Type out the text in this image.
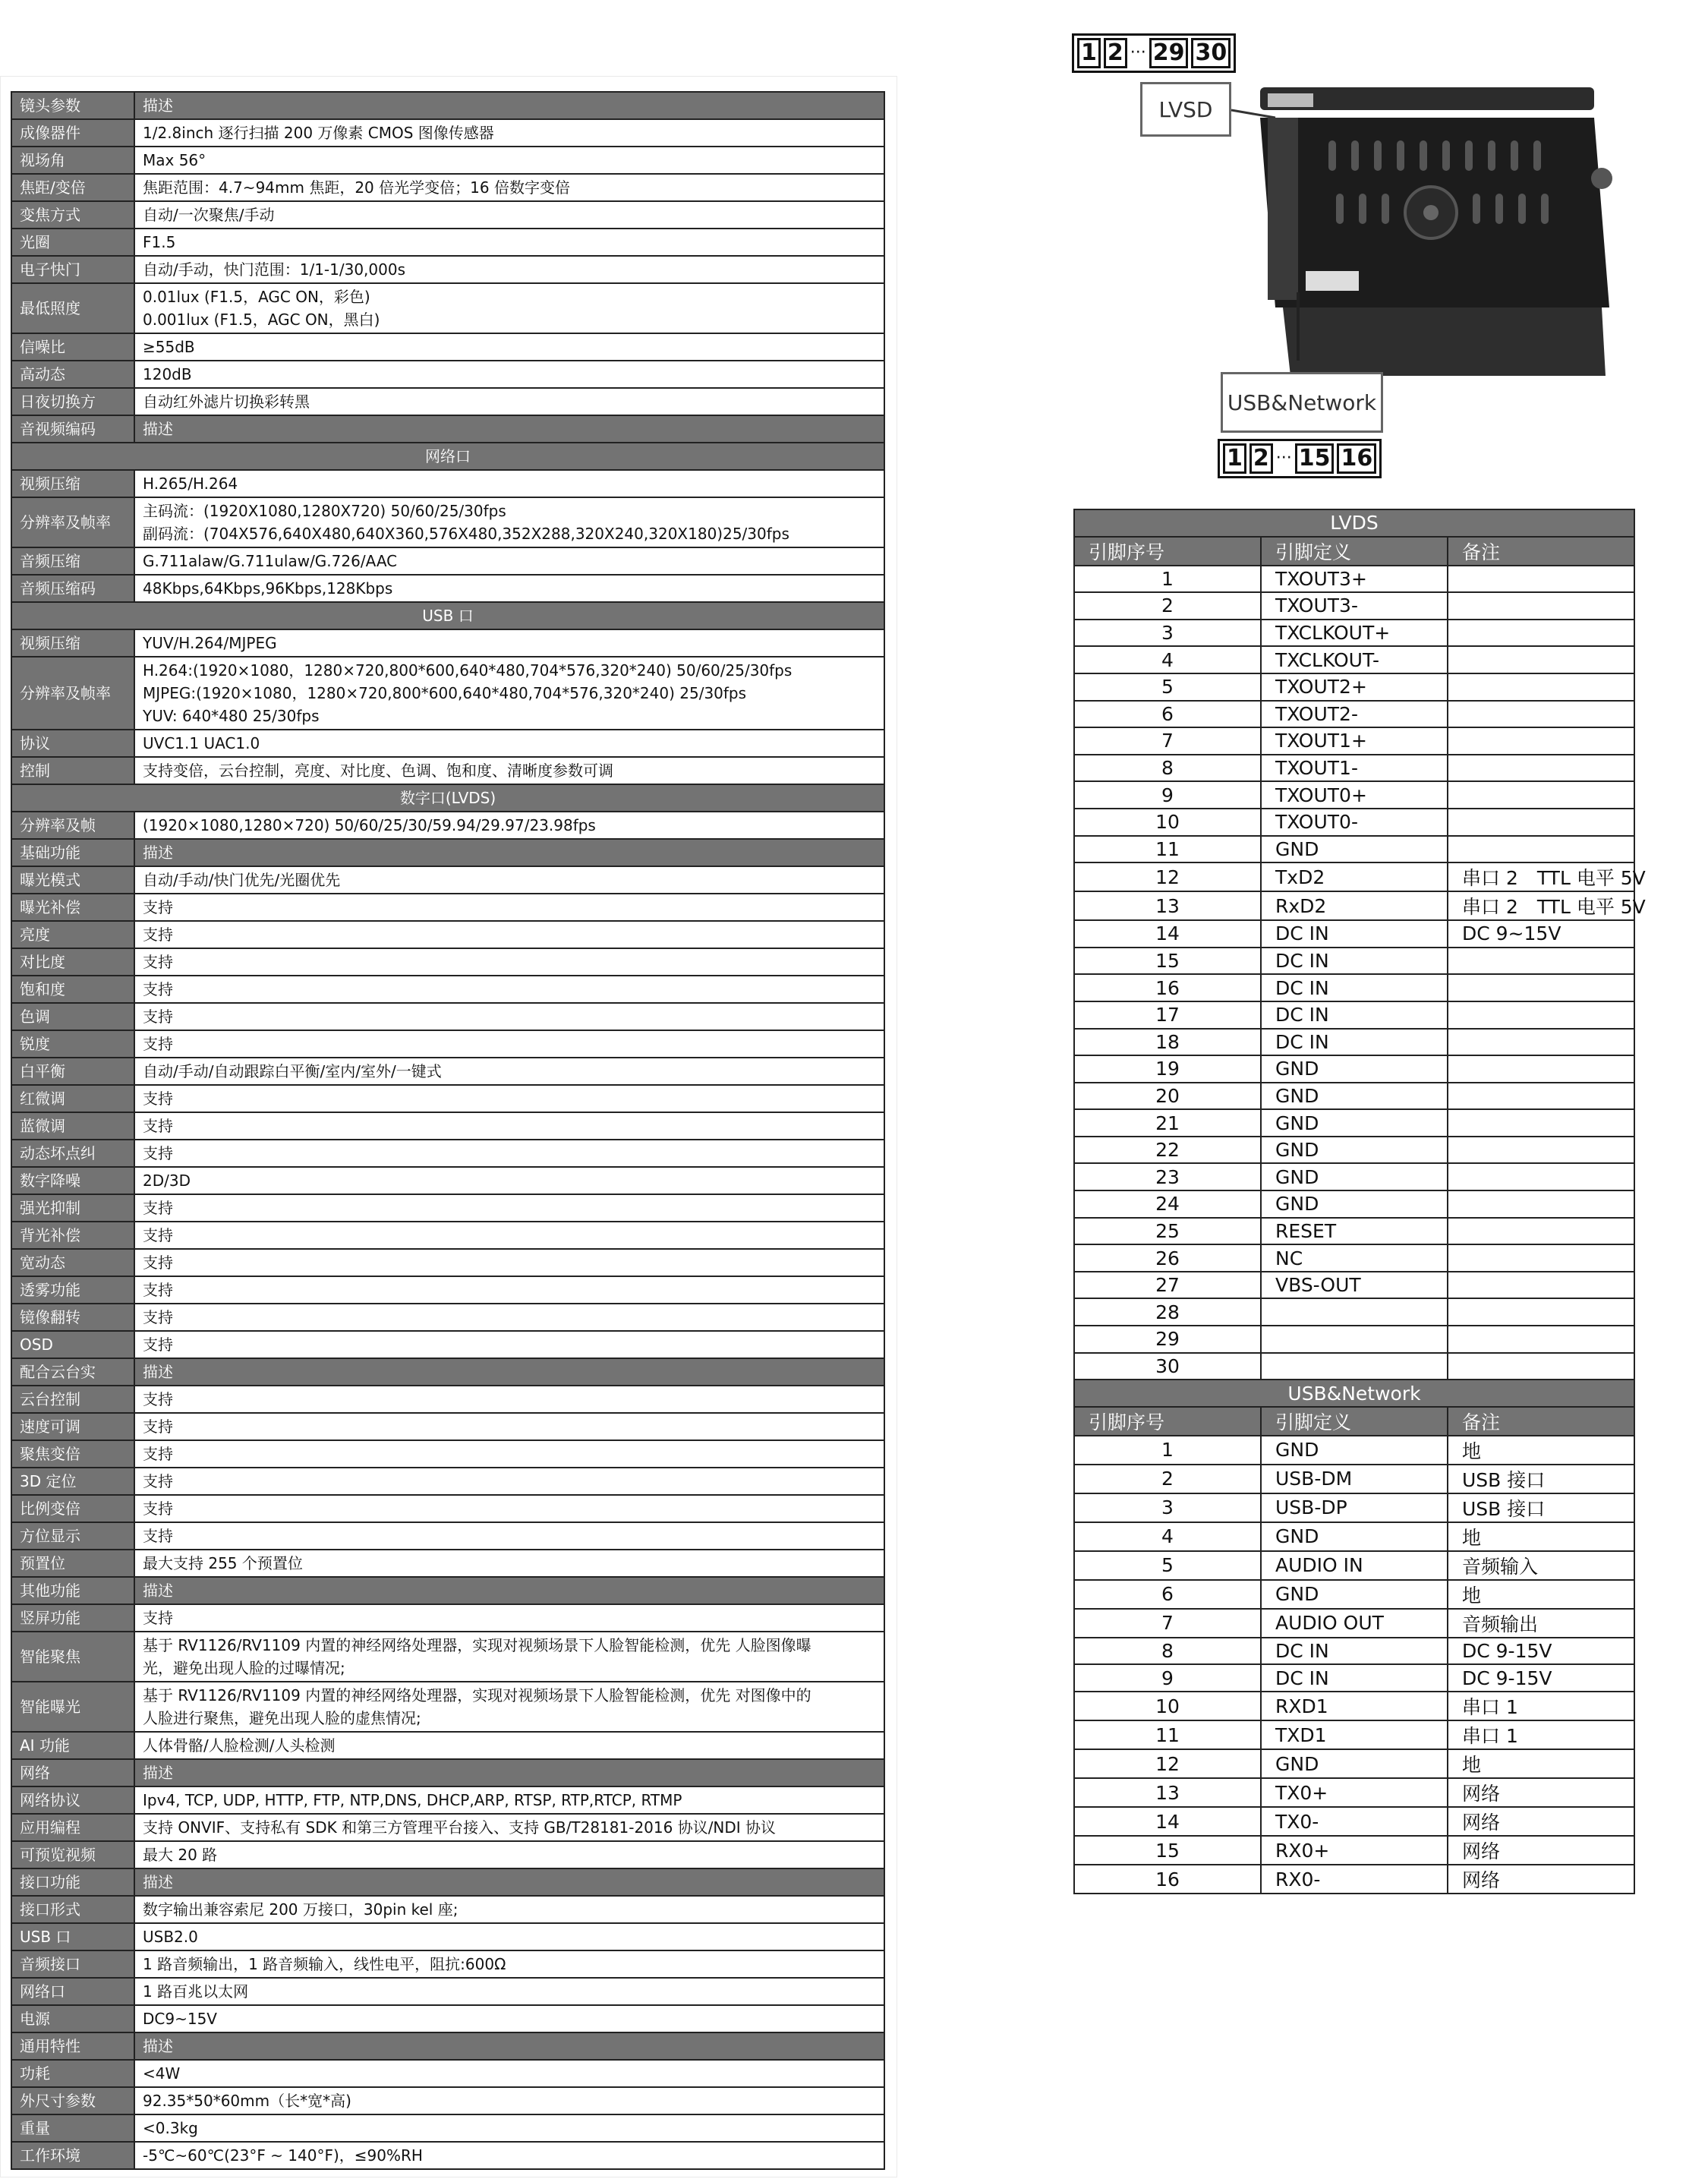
镜头参数	描述
成像器件	1/2.8inch 逐行扫描 200 万像素 CMOS 图像传感器
视场角	Max 56°
焦距/变倍	焦距范围：4.7~94mm 焦距，20 倍光学变倍；16 倍数字变倍
变焦方式	自动/一次聚焦/手动
光圈	F1.5
电子快门	自动/手动，快门范围：1/1-1/30,000s
最低照度	0.01lux (F1.5，AGC ON，彩色)
0.001lux (F1.5，AGC ON，黑白)

信噪比	≥55dB
高动态	120dB
日夜切换方	自动红外滤片切换彩转黑
音视频编码	描述
网络口	
视频压缩	H.265/H.264
分辨率及帧率	主码流：(1920X1080,1280X720) 50/60/25/30fps
副码流：(704X576,640X480,640X360,576X480,352X288,320X240,320X180)25/30fps

音频压缩	G.711alaw/G.711ulaw/G.726/AAC
音频压缩码	48Kbps,64Kbps,96Kbps,128Kbps
USB 口	
视频压缩	YUV/H.264/MJPEG
分辨率及帧率	H.264:(1920×1080，1280×720,800*600,640*480,704*576,320*240) 50/60/25/30fps
MJPEG:(1920×1080，1280×720,800*600,640*480,704*576,320*240) 25/30fps
YUV: 640*480 25/30fps

协议	UVC1.1 UAC1.0
控制	支持变倍，云台控制，亮度、对比度、色调、饱和度、清晰度参数可调
数字口(LVDS)	
分辨率及帧	(1920×1080,1280×720) 50/60/25/30/59.94/29.97/23.98fps
基础功能	描述
曝光模式	自动/手动/快门优先/光圈优先
曝光补偿	支持
亮度	支持
对比度	支持
饱和度	支持
色调	支持
锐度	支持
白平衡	自动/手动/自动跟踪白平衡/室内/室外/一键式
红微调	支持
蓝微调	支持
动态坏点纠	支持
数字降噪	2D/3D
强光抑制	支持
背光补偿	支持
宽动态	支持
透雾功能	支持
镜像翻转	支持
OSD	支持
配合云台实	描述
云台控制	支持
速度可调	支持
聚焦变倍	支持
3D 定位	支持
比例变倍	支持
方位显示	支持
预置位	最大支持 255 个预置位
其他功能	描述
竖屏功能	支持
智能聚焦	基于 RV1126/RV1109 内置的神经网络处理器，实现对视频场景下人脸智能检测，优先 人脸图像曝
光，避免出现人脸的过曝情况;

智能曝光	基于 RV1126/RV1109 内置的神经网络处理器，实现对视频场景下人脸智能检测，优先 对图像中的
人脸进行聚焦，避免出现人脸的虚焦情况;

AI 功能	人体骨骼/人脸检测/人头检测
网络	描述
网络协议	Ipv4, TCP, UDP, HTTP, FTP, NTP,DNS, DHCP,ARP, RTSP, RTP,RTCP, RTMP
应用编程	支持 ONVIF、支持私有 SDK 和第三方管理平台接入、支持 GB/T28181-2016 协议/NDI 协议
可预览视频	最大 20 路
接口功能	描述
接口形式	数字输出兼容索尼 200 万接口，30pin kel 座;
USB 口	USB2.0
音频接口	1 路音频输出，1 路音频输入，线性电平，阻抗:600Ω
网络口	1 路百兆以太网
电源	DC9~15V
通用特性	描述
功耗	<4W
外尺寸参数	92.35*50*60mm（长*宽*高)
重量	<0.3kg
工作环境	-5℃~60℃(23°F ~ 140°F)，≤90%RH
1 2 ··· 29 30
LVSD
USB&Network
1 2 ··· 15 16
LVDS		
引脚序号	引脚定义	备注
1	TXOUT3+	
2	TXOUT3-	
3	TXCLKOUT+	
4	TXCLKOUT-	
5	TXOUT2+	
6	TXOUT2-	
7	TXOUT1+	
8	TXOUT1-	
9	TXOUT0+	
10	TXOUT0-	
11	GND	
12	TxD2	串口 2　TTL 电平 5V
13	RxD2	串口 2　TTL 电平 5V
14	DC IN	DC 9~15V
15	DC IN	
16	DC IN	
17	DC IN	
18	DC IN	
19	GND	
20	GND	
21	GND	
22	GND	
23	GND	
24	GND	
25	RESET	
26	NC	
27	VBS-OUT	
28		
29		
30		
USB&Network		
引脚序号	引脚定义	备注
1	GND	地
2	USB-DM	USB 接口
3	USB-DP	USB 接口
4	GND	地
5	AUDIO IN	音频输入
6	GND	地
7	AUDIO OUT	音频输出
8	DC IN	DC 9-15V
9	DC IN	DC 9-15V
10	RXD1	串口 1
11	TXD1	串口 1
12	GND	地
13	TX0+	网络
14	TX0-	网络
15	RX0+	网络
16	RX0-	网络
